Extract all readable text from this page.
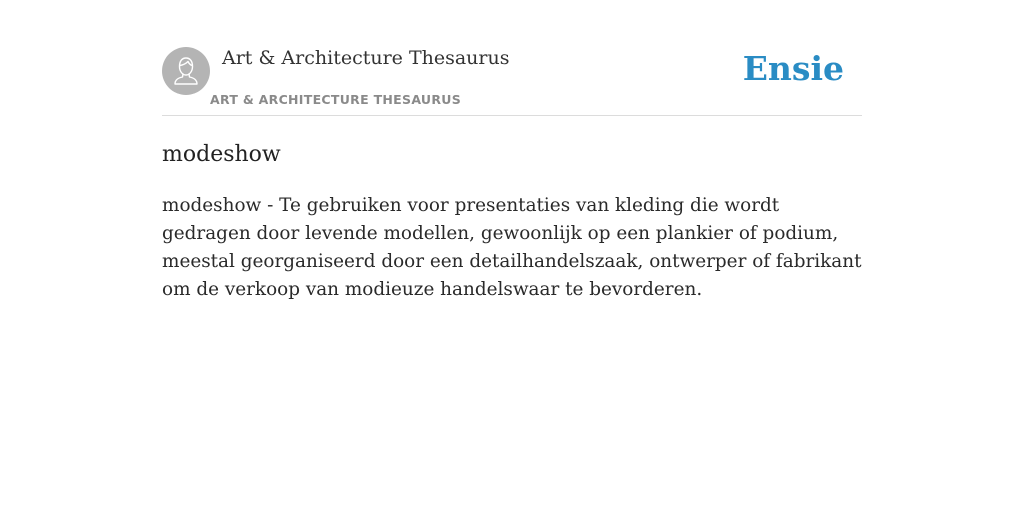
Art & Architecture Thesaurus
ART & ARCHITECTURE THESAURUS
Ensie
modeshow

modeshow - Te gebruiken voor presentaties van kleding die wordt gedragen door levende modellen, gewoonlijk op een plankier of podium, meestal georganiseerd door een detailhandelszaak, ontwerper of fabrikant om de verkoop van modieuze handelswaar te bevorderen.
